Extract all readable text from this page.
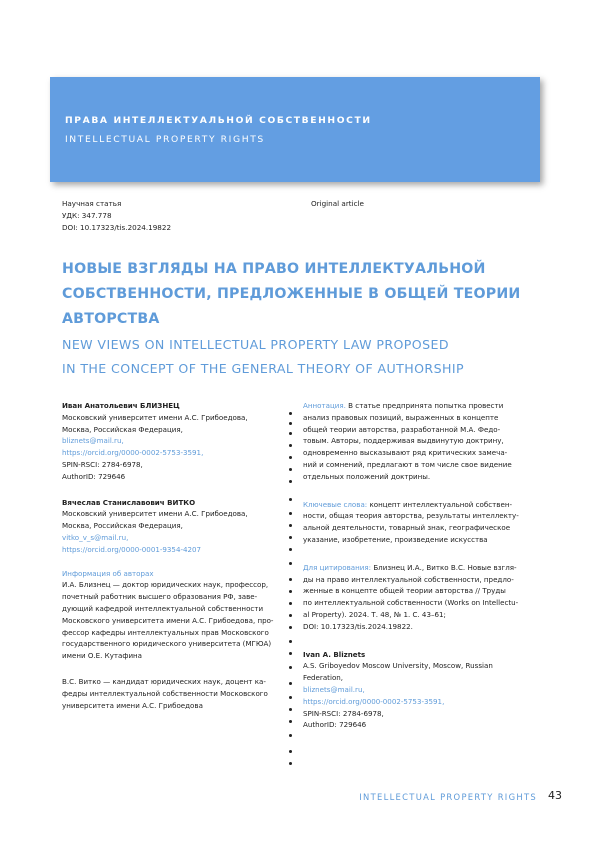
ПРАВА ИНТЕЛЛЕКТУАЛЬНОЙ СОБСТВЕННОСТИ
INTELLECTUAL PROPERTY RIGHTS
Научная статья
УДК: 347.778
DOI: 10.17323/tis.2024.19822
Original article
НОВЫЕ ВЗГЛЯДЫ НА ПРАВО ИНТЕЛЛЕКТУАЛЬНОЙ
СОБСТВЕННОСТИ, ПРЕДЛОЖЕННЫЕ В ОБЩЕЙ ТЕОРИИ
АВТОРСТВА
NEW VIEWS ON INTELLECTUAL PROPERTY LAW PROPOSED
IN THE CONCEPT OF THE GENERAL THEORY OF AUTHORSHIP
Иван Анатольевич БЛИЗНЕЦ
Московский университет имени А.С. Грибоедова,
Москва, Российская Федерация,
bliznets@mail.ru,
https://orcid.org/0000-0002-5753-3591,
SPIN-RSCI: 2784-6978,
AuthorID: 729646
Вячеслав Станиславович ВИТКО
Московский университет имени А.С. Грибоедова,
Москва, Российская Федерация,
vitko_v_s@mail.ru,
https://orcid.org/0000-0001-9354-4207
Информация об авторах
И.А. Близнец — доктор юридических наук, профессор,
почетный работник высшего образования РФ, заве-
дующий кафедрой интеллектуальной собственности
Московского университета имени А.С. Грибоедова, про-
фессор кафедры интеллектуальных прав Московского
государственного юридического университета (МГЮА)
имени О.Е. Кутафина
В.С. Витко — кандидат юридических наук, доцент ка-
федры интеллектуальной собственности Московского
университета имени А.С. Грибоедова
Аннотация. В статье предпринята попытка провести
анализ правовых позиций, выраженных в концепте
общей теории авторства, разработанной М.А. Федо-
товым. Авторы, поддерживая выдвинутую доктрину,
одновременно высказывают ряд критических замеча-
ний и сомнений, предлагают в том числе свое видение
отдельных положений доктрины.
Ключевые слова: концепт интеллектуальной собствен-
ности, общая теория авторства, результаты интеллекту-
альной деятельности, товарный знак, географическое
указание, изобретение, произведение искусства
Для цитирования: Близнец И.А., Витко В.С. Новые взгля-
ды на право интеллектуальной собственности, предло-
женные в концепте общей теории авторства // Труды
по интеллектуальной собственности (Works on Intellectu-
al Property). 2024. Т. 48, № 1. С. 43–61;
DOI: 10.17323/tis.2024.19822.
Ivan A. Bliznets
A.S. Griboyedov Moscow University, Moscow, Russian
Federation,
bliznets@mail.ru,
https://orcid.org/0000-0002-5753-3591,
SPIN-RSCI: 2784-6978,
AuthorID: 729646
INTELLECTUAL PROPERTY RIGHTS 43
